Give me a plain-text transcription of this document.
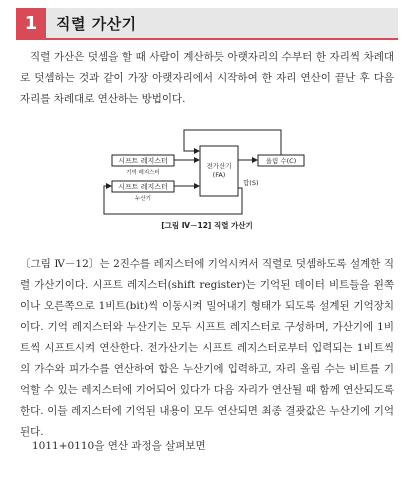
1	직렬 가산기
직렬 가산은 덧셈을 할 때 사람이 계산하듯 아랫자리의 수부터 한 자리씩 차례대로 덧셈하는 것과 같이 가장 아랫자리에서 시작하여 한 자리 연산이 끝난 후 다음 자리를 차례대로 연산하는 방법이다.
시프트 레지스터
기억 레지스터
시프트 레지스터
누산기
전가산기
(FA)
올림 수(C)
합(S)
[그림 Ⅳ－12] 직렬 가산기
〔그림 Ⅳ－12〕는 2진수를 레지스터에 기억시켜서 직렬로 덧셈하도록 설계한 직렬 가산기이다. 시프트 레지스터(shift register)는 기억된 데이터 비트들을 왼쪽이나 오른쪽으로 1비트(bit)씩 이동시켜 밀어내기 형태가 되도록 설계된 기억장치이다. 기억 레지스터와 누산기는 모두 시프트 레지스터로 구성하며, 가산기에 1비트씩 시프트시켜 연산한다. 전가산기는 시프트 레지스터로부터 입력되는 1비트씩의 가수와 피가수를 연산하여 합은 누산기에 입력하고, 자리 올림 수는 비트를 기억할 수 있는 레지스터에 기어되어 있다가 다음 자리가 연산될 때 함께 연산되도록 한다. 이들 레지스터에 기억된 내용이 모두 연산되면 최종 결괏값은 누산기에 기억된다.
1011+0110을 연산 과정을 살펴보면
